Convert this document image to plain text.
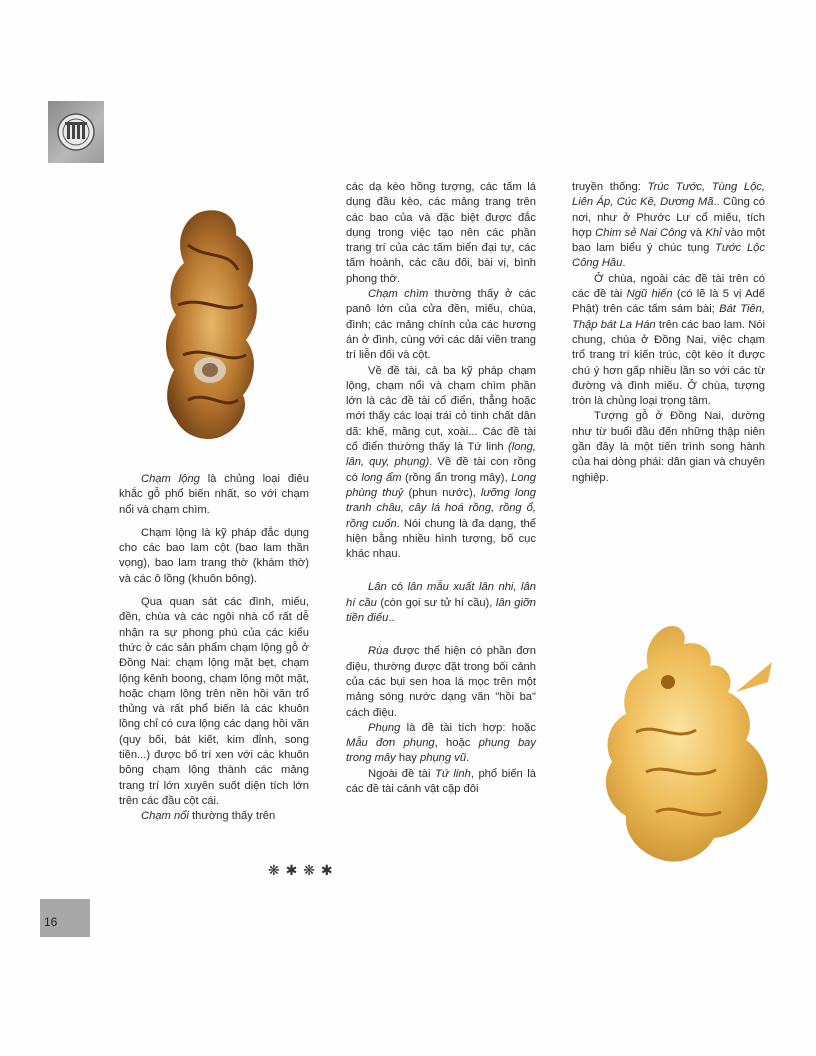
Chạm lộng là chủng loại điêu khắc gỗ phổ biến nhất, so với chạm nổi và chạm chìm.

Chạm lộng là kỹ pháp đắc dụng cho các bao lam cột (bao lam thần vọng), bao lam trang thờ (khám thờ) và các ô lồng (khuôn bông).

Qua quan sát các đình, miếu, đền, chùa và các ngôi nhà cổ rất dễ nhận ra sự phong phú của các kiểu thức ở các sản phẩm chạm lộng gỗ ở Đồng Nai: chạm lộng mặt bẹt, chạm lộng kênh boong, chạm lộng một mặt, hoặc chạm lộng trên nền hồi văn trổ thủng và rất phổ biến là các khuôn lồng chỉ có cưa lộng các dạng hồi văn (quy bối, bát kiết, kim đỉnh, song tiền...) được bố trí xen với các khuôn bông chạm lộng thành các mảng trang trí lớn xuyên suốt diện tích lớn trên các đầu cột cái.

Chạm nổi thường thấy trên

các dạ kèo hồng tượng, các tấm lá dụng đầu kèo, các mảng trang trên các bao của và đặc biệt được đắc dụng trong việc tạo nên các phần trang trí của các tấm biển đại tự, các tấm hoành, các câu đối, bài vị, bình phong thờ.

Chạm chìm thường thấy ở các panô lớn của cửa đền, miếu, chùa, đình; các mảng chính của các hương án ở đình, cùng với các dải viền trang trí liễn đối và cột.

Về đề tài, cả ba kỹ pháp chạm lộng, chạm nổi và chạm chìm phần lớn là các đề tài cổ điển, thẳng hoặc mới thấy các loại trái cỏ tinh chất dân dã: khế, măng cụt, xoài... Các đề tài cổ điển thường thấy là Tứ linh (long, lân, quy, phụng). Về đề tài con rồng có long ẩm (rồng ẩn trong mây), Long phùng thuỷ (phun nước), lưỡng long tranh châu, cây lá hoá rồng, rồng ổ, rồng cuốn. Nói chung là đa dạng, thể hiện bằng nhiều hình tượng, bố cục khác nhau.

Lân có lân mẫu xuất lân nhi, lân hí cầu (còn gọi sư tử hí cầu), lân giỡn tiền điếu..

Rùa được thể hiện có phần đơn điệu, thường được đặt trong bối cảnh của các bụi sen hoa lá mọc trên một mảng sóng nước dạng văn "hồi ba" cách điệu.

Phụng là đề tài tích hợp: hoặc Mẫu đơn phụng, hoặc phụng bay trong mây hay phụng vũ.

Ngoài đề tài Tứ linh, phổ biến là các đề tài cảnh vật cặp đôi

truyền thống: Trúc Tước, Tùng Lộc, Liên Áp, Cúc Kê, Dương Mã.. Cũng có nơi, như ở Phước Lư cổ miếu, tích hợp Chim sẻ Nai Công và Khỉ vào một bao lam biểu ý chúc tụng Tước Lộc Công Hầu.

Ở chùa, ngoài các đề tài trên có các đề tài Ngũ hiến (có lẽ là 5 vị Adế Phật) trên các tấm sám bài; Bát Tiên, Thập bát La Hán trên các bao lam. Nói chung, chùa ở Đồng Nai, việc chạm trổ trang trí kiến trúc, cột kèo ít được chú ý hơn gấp nhiều lần so với các từ đường và đình miếu. Ở chùa, tượng tròn là chủng loại trọng tâm.

Tượng gỗ ở Đồng Nai, dường như từ buổi đầu đến những thập niên gần đây là một tiến trình song hành của hai dòng phái: dân gian và chuyên nghiệp.

❋ ✱ ❋ ✱
16
